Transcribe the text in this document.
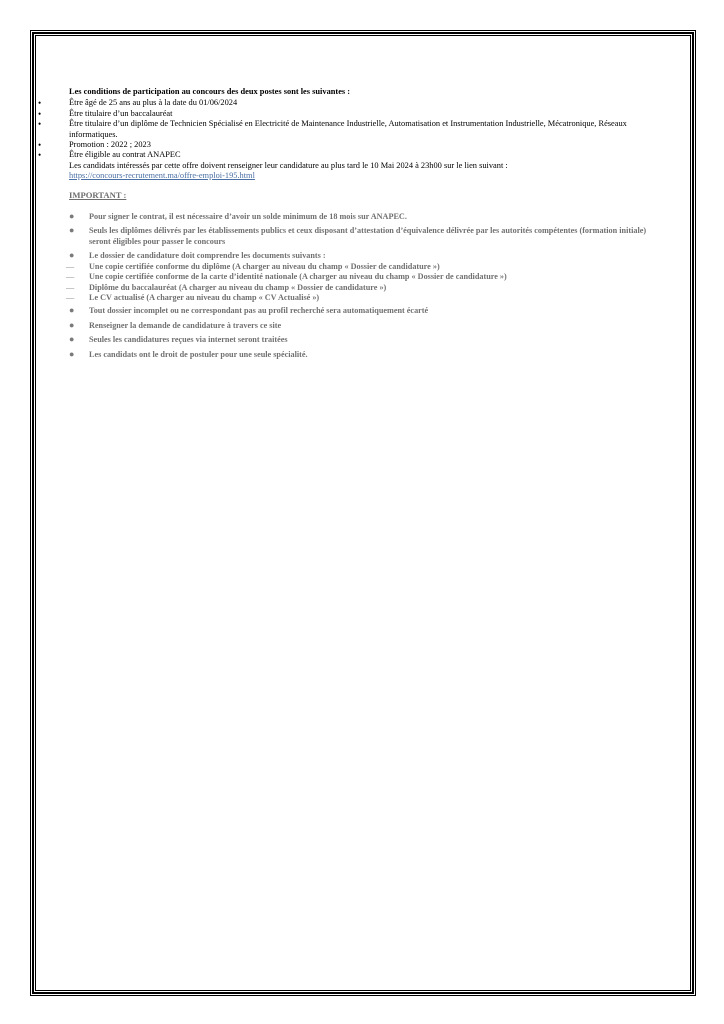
Les conditions de participation au concours des deux postes sont les suivantes :
•	Être âgé de 25 ans au plus à la date du 01/06/2024
•	Être titulaire d’un baccalauréat
•	Être titulaire d’un diplôme de Technicien Spécialisé en Electricité de Maintenance Industrielle, Automatisation et Instrumentation Industrielle, Mécatronique, Réseaux informatiques.
•	Promotion : 2022 ; 2023
•	Être éligible au contrat ANAPEC
Les candidats intéressés par cette offre doivent renseigner leur candidature au plus tard le 10 Mai 2024 à 23h00 sur le lien suivant :
https://concours-recrutement.ma/offre-emploi-195.html
IMPORTANT :
● Pour signer le contrat, il est nécessaire d’avoir un solde minimum de 18 mois sur ANAPEC.
● Seuls les diplômes délivrés par les établissements publics et ceux disposant d’attestation d’équivalence délivrée par les autorités compétentes (formation initiale) seront éligibles pour passer le concours
● Le dossier de candidature doit comprendre les documents suivants :
— Une copie certifiée conforme du diplôme (A charger au niveau du champ « Dossier de candidature »)
— Une copie certifiée conforme de la carte d’identité nationale (A charger au niveau du champ « Dossier de candidature »)
— Diplôme du baccalauréat (A charger au niveau du champ « Dossier de candidature »)
— Le CV actualisé (A charger au niveau du champ « CV Actualisé »)
● Tout dossier incomplet ou ne correspondant pas au profil recherché sera automatiquement écarté
● Renseigner la demande de candidature à travers ce site
● Seules les candidatures reçues via internet seront traitées
● Les candidats ont le droit de postuler pour une seule spécialité.
